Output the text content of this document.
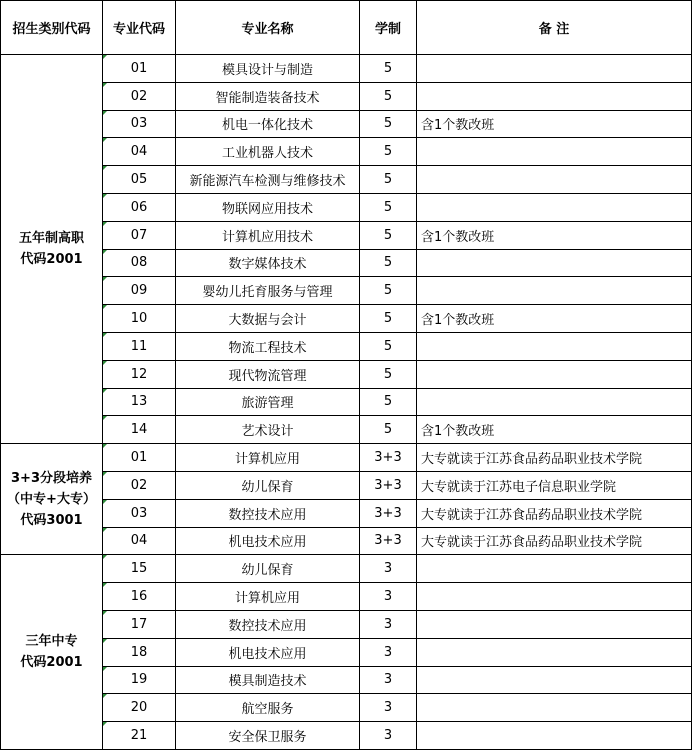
招生类别代码	专业代码	专业名称	学制	备 注

五年制高职
代码2001	01	模具设计与制造	5	
	02	智能制造装备技术	5	
	03	机电一体化技术	5	含1个教改班
	04	工业机器人技术	5	
	05	新能源汽车检测与维修技术	5	
	06	物联网应用技术	5	
	07	计算机应用技术	5	含1个教改班
	08	数字媒体技术	5	
	09	婴幼儿托育服务与管理	5	
	10	大数据与会计	5	含1个教改班
	11	物流工程技术	5	
	12	现代物流管理	5	
	13	旅游管理	5	
	14	艺术设计	5	含1个教改班

3+3分段培养
（中专+大专）
代码3001	01	计算机应用	3+3	大专就读于江苏食品药品职业技术学院
	02	幼儿保育	3+3	大专就读于江苏电子信息职业学院
	03	数控技术应用	3+3	大专就读于江苏食品药品职业技术学院
	04	机电技术应用	3+3	大专就读于江苏食品药品职业技术学院

三年中专
代码2001	15	幼儿保育	3	
	16	计算机应用	3	
	17	数控技术应用	3	
	18	机电技术应用	3	
	19	模具制造技术	3	
	20	航空服务	3	
	21	安全保卫服务	3	
